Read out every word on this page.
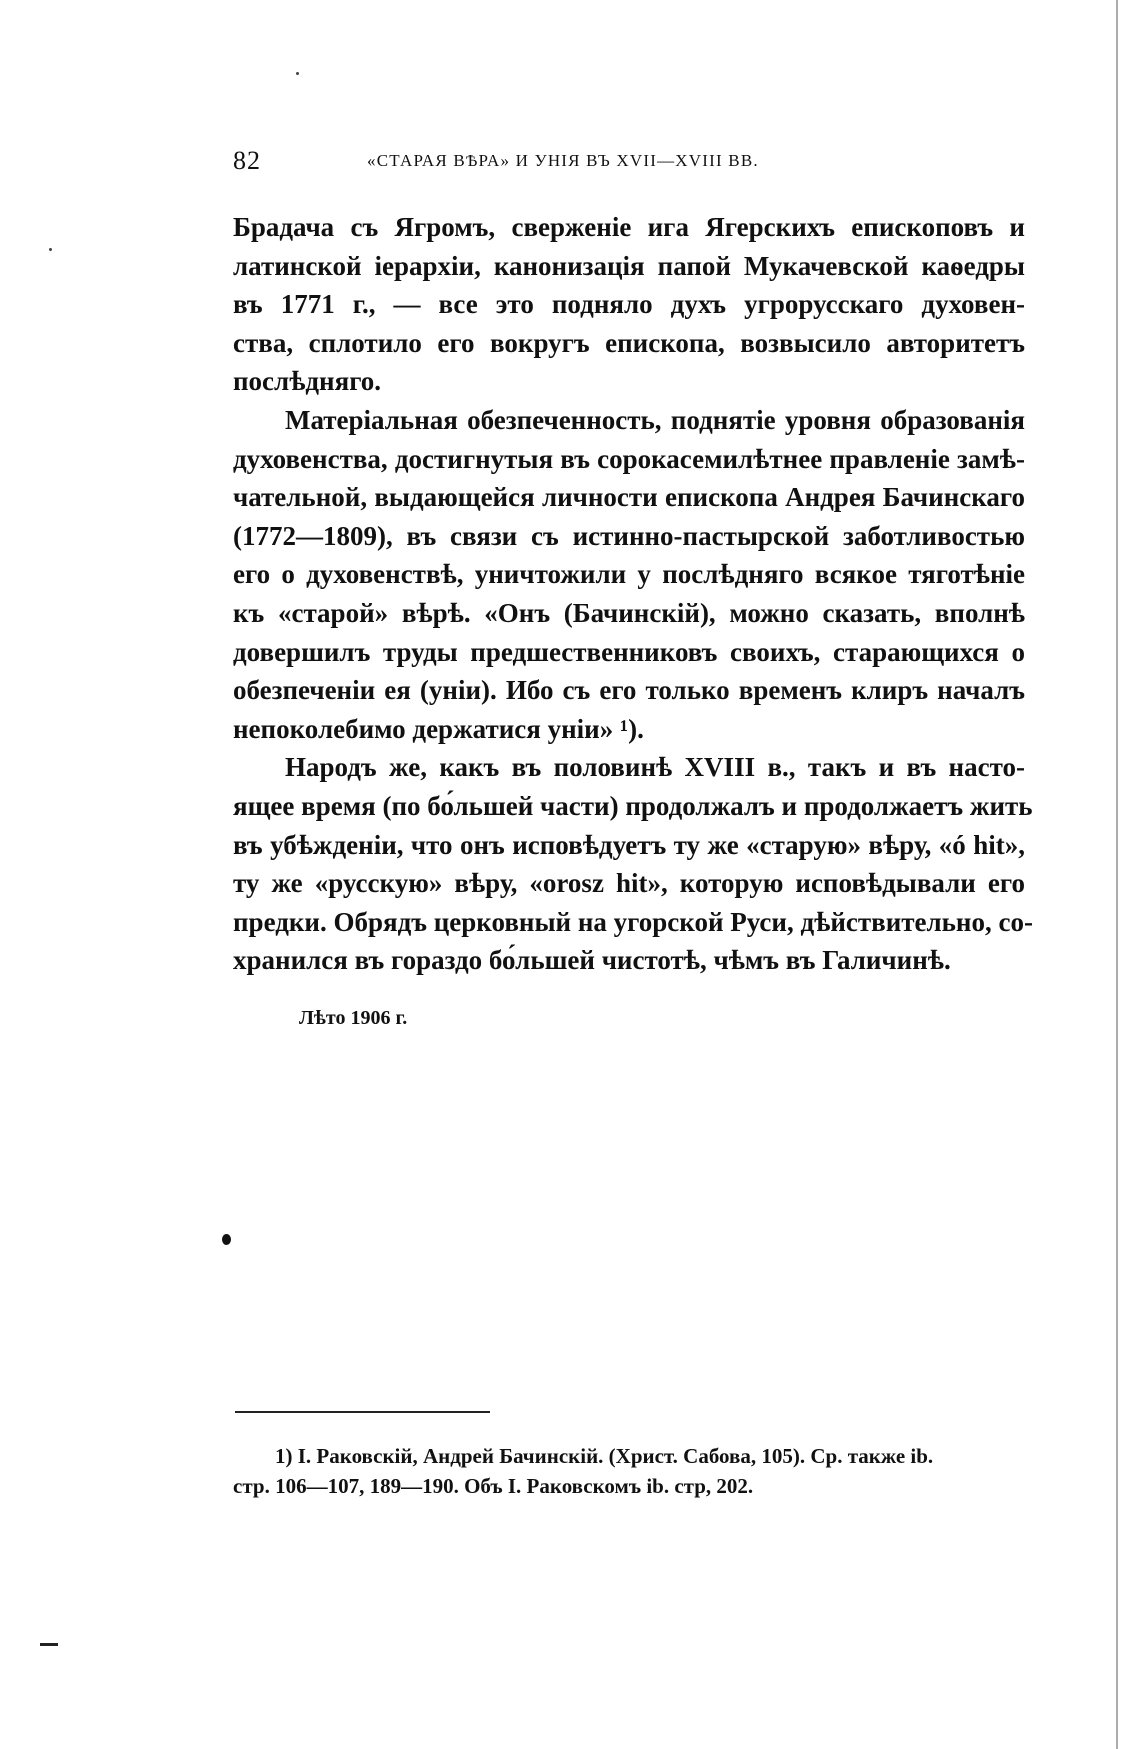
82	«СТАРАЯ ВѢРА» И УНІЯ ВЪ XVII—XVIII ВВ.
Брадача съ Ягромъ, сверженіе ига Ягерскихъ епископовъ и
латинской іерархіи, канонизація папой Мукачевской каѳедры
въ 1771 г., — все это подняло духъ угрорусскаго духовен-
ства, сплотило его вокругъ епископа, возвысило авторитетъ
послѣдняго.
Матеріальная обезпеченность, поднятіе уровня образованія
духовенства, достигнутыя въ сорокасемилѣтнее правленіе замѣ-
чательной, выдающейся личности епископа Андрея Бачинскаго
(1772—1809), въ связи съ истинно-пастырской заботливостью
его о духовенствѣ, уничтожили у послѣдняго всякое тяготѣніе
къ «старой» вѣрѣ. «Онъ (Бачинскій), можно сказать, вполнѣ
довершилъ труды предшественниковъ своихъ, старающихся о
обезпеченіи ея (уніи). Ибо съ его только временъ клиръ началъ
непоколебимо держатися уніи» ¹).
Народъ же, какъ въ половинѣ XVIII в., такъ и въ насто-
ящее время (по бо́льшей части) продолжалъ и продолжаетъ жить
въ убѣжденіи, что онъ исповѣдуетъ ту же «старую» вѣру, «ó hit»,
ту же «русскую» вѣру, «orosz hit», которую исповѣдывали его
предки. Обрядъ церковный на угорской Руси, дѣйствительно, со-
хранился въ гораздо бо́льшей чистотѣ, чѣмъ въ Галичинѣ.
Лѣто 1906 г.
1) I. Раковскій, Андрей Бачинскій. (Христ. Сабова, 105). Ср. также ib.
стр. 106—107, 189—190. Объ I. Раковскомъ ib. стр, 202.
